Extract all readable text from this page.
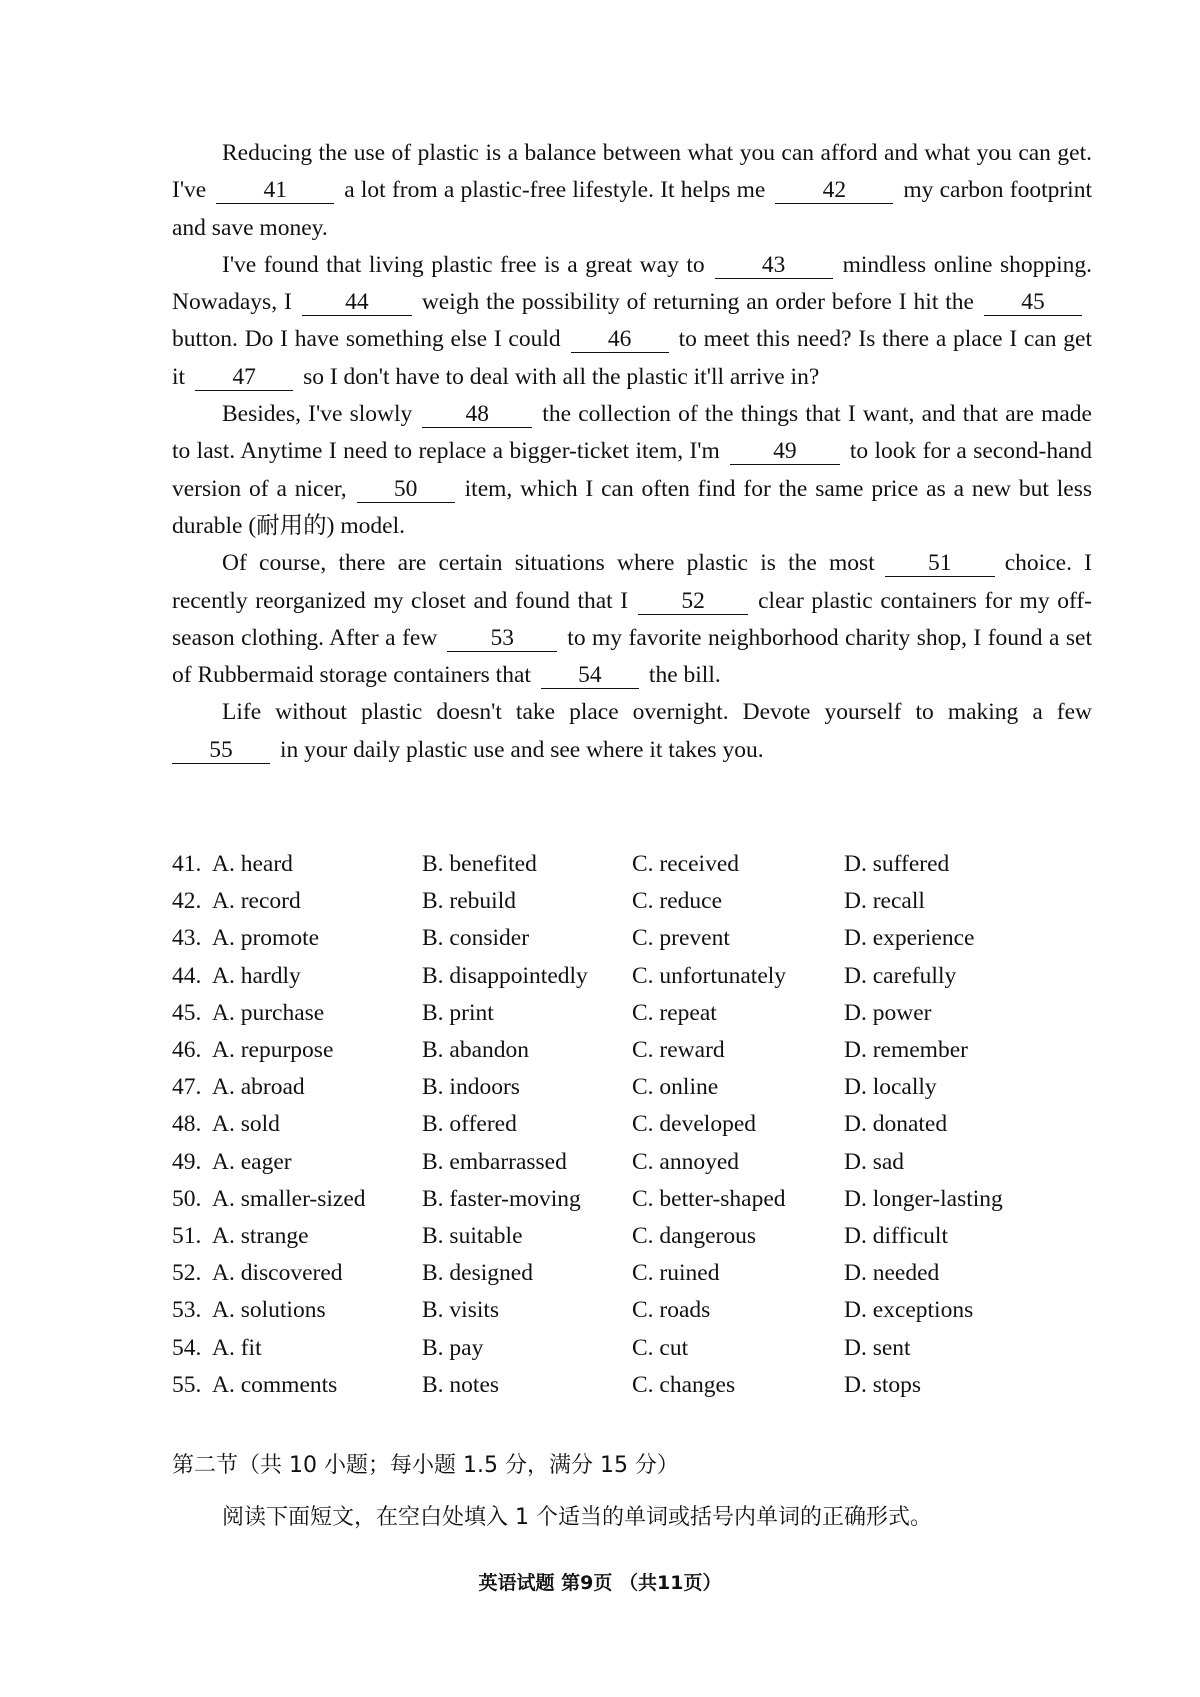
Reducing the use of plastic is a balance between what you can afford and what you can get. I've 41 a lot from a plastic-free lifestyle. It helps me 42 my carbon footprint and save money.

I've found that living plastic free is a great way to 43 mindless online shopping. Nowadays, I 44 weigh the possibility of returning an order before I hit the 45button. Do I have something else I could 46 to meet this need? Is there a place I can get it 47 so I don't have to deal with all the plastic it'll arrive in?

Besides, I've slowly 48 the collection of the things that I want, and that are made to last. Anytime I need to replace a bigger-ticket item, I'm 49 to look for a second-hand version of a nicer, 50 item, which I can often find for the same price as a new but less durable (耐用的) model.

Of course, there are certain situations where plastic is the most 51 choice. I recently reorganized my closet and found that I 52 clear plastic containers for my off-season clothing. After a few 53 to my favorite neighborhood charity shop, I found a set of Rubbermaid storage containers that 54 the bill.

Life without plastic doesn't take place overnight. Devote yourself to making a few55 in your daily plastic use and see where it takes you.

41. A. heard	B. benefited	C. received	D. suffered
42. A. record	B. rebuild	C. reduce	D. recall
43. A. promote	B. consider	C. prevent	D. experience
44. A. hardly	B. disappointedly	C. unfortunately	D. carefully
45. A. purchase	B. print	C. repeat	D. power
46. A. repurpose	B. abandon	C. reward	D. remember
47. A. abroad	B. indoors	C. online	D. locally
48. A. sold	B. offered	C. developed	D. donated
49. A. eager	B. embarrassed	C. annoyed	D. sad
50. A. smaller-sized	B. faster-moving	C. better-shaped	D. longer-lasting
51. A. strange	B. suitable	C. dangerous	D. difficult
52. A. discovered	B. designed	C. ruined	D. needed
53. A. solutions	B. visits	C. roads	D. exceptions
54. A. fit	B. pay	C. cut	D. sent
55. A. comments	B. notes	C. changes	D. stops
第二节（共 10 小题；每小题 1.5 分，满分 15 分）
阅读下面短文，在空白处填入 1 个适当的单词或括号内单词的正确形式。
英语试题 第9页 （共11页）
